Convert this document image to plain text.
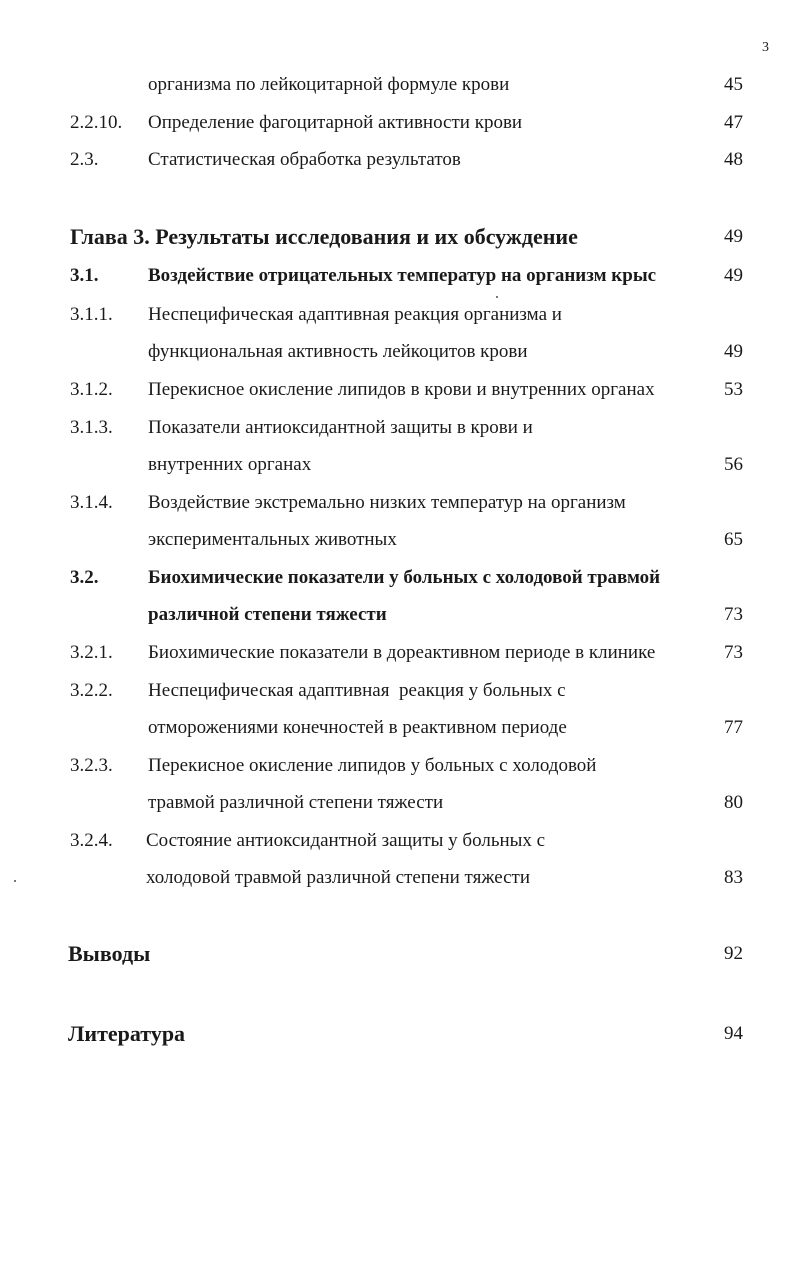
3
организма по лейкоцитарной формуле крови	45
2.2.10. Определение фагоцитарной активности крови	47
2.3.	Статистическая обработка результатов	48
Глава 3. Результаты исследования и их обсуждение	49
3.1.	Воздействие отрицательных температур на организм крыс	49
3.1.1. Неспецифическая адаптивная реакция организма и
функциональная активность лейкоцитов крови	49
3.1.2. Перекисное окисление липидов в крови и внутренних органах	53
3.1.3. Показатели антиоксидантной защиты в крови и
внутренних органах	56
3.1.4. Воздействие экстремально низких температур на организм
экспериментальных животных	65
3.2.	Биохимические показатели у больных с холодовой травмой
различной степени тяжести	73
3.2.1. Биохимические показатели в дореактивном периоде в клинике	73
3.2.2. Неспецифическая адаптивная  реакция у больных с
отморожениями конечностей в реактивном периоде	77
3.2.3. Перекисное окисление липидов у больных с холодовой
травмой различной степени тяжести	80
3.2.4. Состояние антиоксидантной защиты у больных с
холодовой травмой различной степени тяжести	83
Выводы	92
Литература	94
